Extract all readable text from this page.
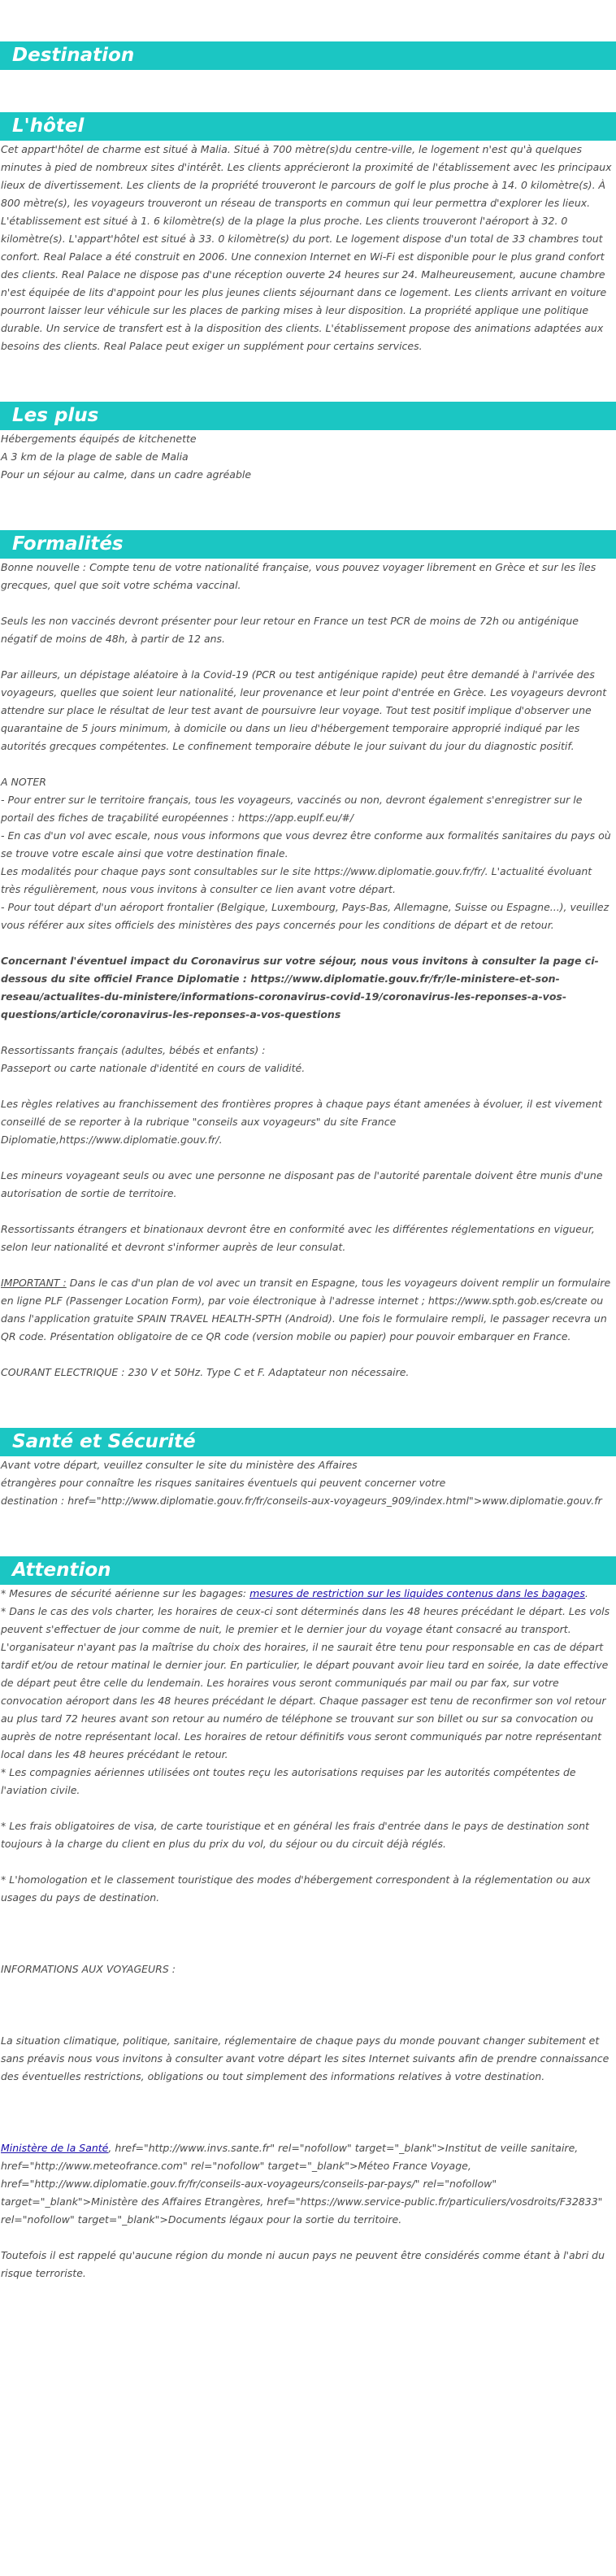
Destination
L'hôtel

Cet appart'hôtel de charme est situé à Malia. Situé à 700 mètre(s)du centre-ville, le logement n'est qu'à quelques minutes à pied de nombreux sites d'intérêt. Les clients apprécieront la proximité de l'établissement avec les principaux lieux de divertissement. Les clients de la propriété trouveront le parcours de golf le plus proche à 14. 0 kilomètre(s). À 800 mètre(s), les voyageurs trouveront un réseau de transports en commun qui leur permettra d'explorer les lieux. L'établissement est situé à 1. 6 kilomètre(s) de la plage la plus proche. Les clients trouveront l'aéroport à 32. 0 kilomètre(s). L'appart'hôtel est situé à 33. 0 kilomètre(s) du port. Le logement dispose d'un total de 33 chambres tout confort. Real Palace a été construit en 2006. Une connexion Internet en Wi-Fi est disponible pour le plus grand confort des clients. Real Palace ne dispose pas d'une réception ouverte 24 heures sur 24. Malheureusement, aucune chambre n'est équipée de lits d'appoint pour les plus jeunes clients séjournant dans ce logement. Les clients arrivant en voiture pourront laisser leur véhicule sur les places de parking mises à leur disposition. La propriété applique une politique durable. Un service de transfert est à la disposition des clients. L'établissement propose des animations adaptées aux besoins des clients. Real Palace peut exiger un supplément pour certains services.

Les plus

Hébergements équipés de kitchenette

A 3 km de la plage de sable de Malia

Pour un séjour au calme, dans un cadre agréable

Formalités

Bonne nouvelle : Compte tenu de votre nationalité française, vous pouvez voyager librement en Grèce et sur les îles grecques, quel que soit votre schéma vaccinal.

Seuls les non vaccinés devront présenter pour leur retour en France un test PCR de moins de 72h ou antigénique négatif de moins de 48h, à partir de 12 ans.

Par ailleurs, un dépistage aléatoire à la Covid-19 (PCR ou test antigénique rapide) peut être demandé à l'arrivée des voyageurs, quelles que soient leur nationalité, leur provenance et leur point d'entrée en Grèce. Les voyageurs devront attendre sur place le résultat de leur test avant de poursuivre leur voyage. Tout test positif implique d'observer une quarantaine de 5 jours minimum, à domicile ou dans un lieu d'hébergement temporaire approprié indiqué par les autorités grecques compétentes. Le confinement temporaire débute le jour suivant du jour du diagnostic positif.

A NOTER

- Pour entrer sur le territoire français, tous les voyageurs, vaccinés ou non, devront également s'enregistrer sur le portail des fiches de traçabilité européennes : https://app.euplf.eu/#/

- En cas d'un vol avec escale, nous vous informons que vous devrez être conforme aux formalités sanitaires du pays où se trouve votre escale ainsi que votre destination finale.

Les modalités pour chaque pays sont consultables sur le site https://www.diplomatie.gouv.fr/fr/. L'actualité évoluant très régulièrement, nous vous invitons à consulter ce lien avant votre départ.

- Pour tout départ d'un aéroport frontalier (Belgique, Luxembourg, Pays-Bas, Allemagne, Suisse ou Espagne...), veuillez vous référer aux sites officiels des ministères des pays concernés pour les conditions de départ et de retour.

Concernant l'éventuel impact du Coronavirus sur votre séjour, nous vous invitons à consulter la page ci-dessous du site officiel France Diplomatie : https://www.diplomatie.gouv.fr/fr/le-ministere-et-son-reseau/actualites-du-ministere/informations-coronavirus-covid-19/coronavirus-les-reponses-a-vos-questions/article/coronavirus-les-reponses-a-vos-questions

Ressortissants français (adultes, bébés et enfants) :

Passeport ou carte nationale d'identité en cours de validité.

Les règles relatives au franchissement des frontières propres à chaque pays étant amenées à évoluer, il est vivement conseillé de se reporter à la rubrique "conseils aux voyageurs" du site France Diplomatie,https://www.diplomatie.gouv.fr/.

Les mineurs voyageant seuls ou avec une personne ne disposant pas de l'autorité parentale doivent être munis d'une autorisation de sortie de territoire.

Ressortissants étrangers et binationaux devront être en conformité avec les différentes réglementations en vigueur, selon leur nationalité et devront s'informer auprès de leur consulat.

IMPORTANT : Dans le cas d'un plan de vol avec un transit en Espagne, tous les voyageurs doivent remplir un formulaire en ligne PLF (Passenger Location Form), par voie électronique à l'adresse internet ; https://www.spth.gob.es/create ou dans l'application gratuite SPAIN TRAVEL HEALTH-SPTH (Android). Une fois le formulaire rempli, le passager recevra un QR code. Présentation obligatoire de ce QR code (version mobile ou papier) pour pouvoir embarquer en France.

COURANT ELECTRIQUE : 230 V et 50Hz. Type C et F. Adaptateur non nécessaire.

Santé et Sécurité

Avant votre départ, veuillez consulter le site du ministère des Affaires

étrangères pour connaître les risques sanitaires éventuels qui peuvent concerner votre

destination : href="http://www.diplomatie.gouv.fr/fr/conseils-aux-voyageurs_909/index.html">www.diplomatie.gouv.fr

Attention

* Mesures de sécurité aérienne sur les bagages: mesures de restriction sur les liquides contenus dans les bagages.

* Dans le cas des vols charter, les horaires de ceux-ci sont déterminés dans les 48 heures précédant le départ. Les vols peuvent s'effectuer de jour comme de nuit, le premier et le dernier jour du voyage étant consacré au transport. L'organisateur n'ayant pas la maîtrise du choix des horaires, il ne saurait être tenu pour responsable en cas de départ tardif et/ou de retour matinal le dernier jour. En particulier, le départ pouvant avoir lieu tard en soirée, la date effective de départ peut être celle du lendemain. Les horaires vous seront communiqués par mail ou par fax, sur votre convocation aéroport dans les 48 heures précédant le départ. Chaque passager est tenu de reconfirmer son vol retour au plus tard 72 heures avant son retour au numéro de téléphone se trouvant sur son billet ou sur sa convocation ou auprès de notre représentant local. Les horaires de retour définitifs vous seront communiqués par notre représentant local dans les 48 heures précédant le retour.

* Les compagnies aériennes utilisées ont toutes reçu les autorisations requises par les autorités compétentes de l'aviation civile.

* Les frais obligatoires de visa, de carte touristique et en général les frais d'entrée dans le pays de destination sont toujours à la charge du client en plus du prix du vol, du séjour ou du circuit déjà réglés.

* L'homologation et le classement touristique des modes d'hébergement correspondent à la réglementation ou aux usages du pays de destination.

INFORMATIONS AUX VOYAGEURS :

La situation climatique, politique, sanitaire, réglementaire de chaque pays du monde pouvant changer subitement et sans préavis nous vous invitons à consulter avant votre départ les sites Internet suivants afin de prendre connaissance des éventuelles restrictions, obligations ou tout simplement des informations relatives à votre destination.

Ministère de la Santé, href="http://www.invs.sante.fr" rel="nofollow" target="_blank">Institut de veille sanitaire, href="http://www.meteofrance.com" rel="nofollow" target="_blank">Méteo France Voyage, href="http://www.diplomatie.gouv.fr/fr/conseils-aux-voyageurs/conseils-par-pays/" rel="nofollow" target="_blank">Ministère des Affaires Etrangères, href="https://www.service-public.fr/particuliers/vosdroits/F32833" rel="nofollow" target="_blank">Documents légaux pour la sortie du territoire.

Toutefois il est rappelé qu'aucune région du monde ni aucun pays ne peuvent être considérés comme étant à l'abri du risque terroriste.
